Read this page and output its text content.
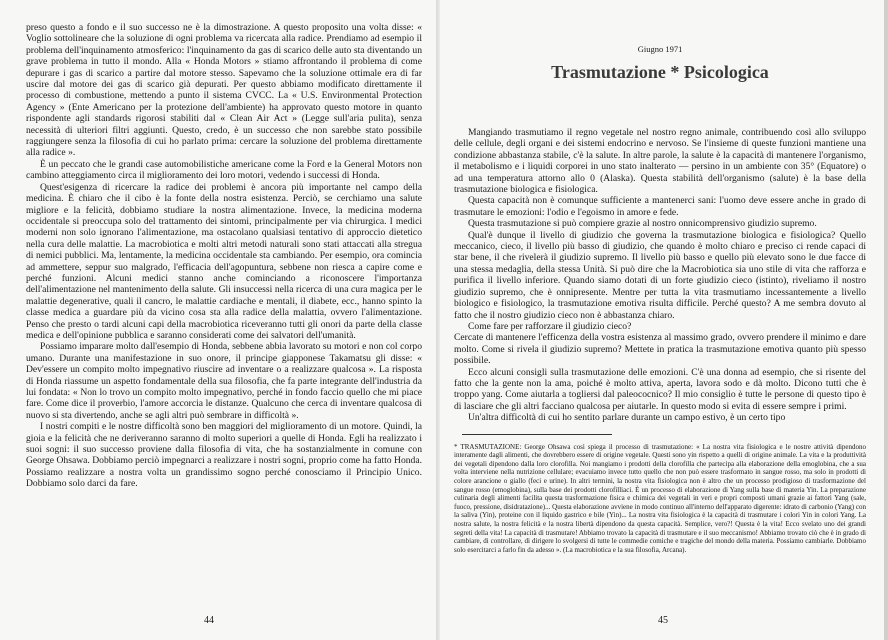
preso questo a fondo e il suo successo ne è la dimostrazione. A questo proposito una volta disse: « Voglio sottolineare che la soluzione di ogni problema va ricercata alla radice. Prendiamo ad esempio il problema dell'inquinamento atmosferico: l'inquinamento da gas di scarico delle auto sta diventando un grave problema in tutto il mondo. Alla « Honda Motors » stiamo affrontando il problema di come depurare i gas di scarico a partire dal motore stesso. Sapevamo che la soluzione ottimale era di far uscire dal motore dei gas di scarico già depurati. Per questo abbiamo modificato direttamente il processo di combustione, mettendo a punto il sistema CVCC. La « U.S. Environmental Protection Agency » (Ente Americano per la protezione dell'ambiente) ha approvato questo motore in quanto rispondente agli standards rigorosi stabiliti dal « Clean Air Act » (Legge sull'aria pulita), senza necessità di ulteriori filtri aggiunti. Questo, credo, è un successo che non sarebbe stato possibile raggiungere senza la filosofia di cui ho parlato prima: cercare la soluzione del problema direttamente alla radice ».

È un peccato che le grandi case automobilistiche americane come la Ford e la General Motors non cambino atteggiamento circa il miglioramento dei loro motori, vedendo i successi di Honda.

Quest'esigenza di ricercare la radice dei problemi è ancora più importante nel campo della medicina. È chiaro che il cibo è la fonte della nostra esistenza. Perciò, se cerchiamo una salute migliore e la felicità, dobbiamo studiare la nostra alimentazione. Invece, la medicina moderna occidentale si preoccupa solo del trattamento dei sintomi, principalmente per via chirurgica. I medici moderni non solo ignorano l'alimentazione, ma ostacolano qualsiasi tentativo di approccio dietetico nella cura delle malattie. La macrobiotica e molti altri metodi naturali sono stati attaccati alla stregua di nemici pubblici. Ma, lentamente, la medicina occidentale sta cambiando. Per esempio, ora comincia ad ammettere, seppur suo malgrado, l'efficacia dell'agopuntura, sebbene non riesca a capire come e perché funzioni. Alcuni medici stanno anche cominciando a riconoscere l'importanza dell'alimentazione nel mantenimento della salute. Gli insuccessi nella ricerca di una cura magica per le malattie degenerative, quali il cancro, le malattie cardiache e mentali, il diabete, ecc., hanno spinto la classe medica a guardare più da vicino cosa sta alla radice della malattia, ovvero l'alimentazione. Penso che presto o tardi alcuni capi della macrobiotica riceveranno tutti gli onori da parte della classe medica e dell'opinione pubblica e saranno considerati come dei salvatori dell'umanità.

Possiamo imparare molto dall'esempio di Honda, sebbene abbia lavorato su motori e non col corpo umano. Durante una manifestazione in suo onore, il principe giapponese Takamatsu gli disse: « Dev'essere un compito molto impegnativo riuscire ad inventare o a realizzare qualcosa ». La risposta di Honda riassume un aspetto fondamentale della sua filosofia, che fa parte integrante dell'industria da lui fondata: « Non lo trovo un compito molto impegnativo, perché in fondo faccio quello che mi piace fare. Come dice il proverbio, l'amore accorcia le distanze. Qualcuno che cerca di inventare qualcosa di nuovo si sta divertendo, anche se agli altri può sembrare in difficoltà ».

I nostri compiti e le nostre difficoltà sono ben maggiori del miglioramento di un motore. Quindi, la gioia e la felicità che ne deriveranno saranno di molto superiori a quelle di Honda. Egli ha realizzato i suoi sogni: il suo successo proviene dalla filosofia di vita, che ha sostanzialmente in comune con George Ohsawa. Dobbiamo perciò impegnarci a realizzare i nostri sogni, proprio come ha fatto Honda. Possiamo realizzare a nostra volta un grandissimo sogno perché conosciamo il Principio Unico. Dobbiamo solo darci da fare.

44
Giugno 1971
Trasmutazione * Psicologica

Mangiando trasmutiamo il regno vegetale nel nostro regno animale, contribuendo così allo sviluppo delle cellule, degli organi e dei sistemi endocrino e nervoso. Se l'insieme di queste funzioni mantiene una condizione abbastanza stabile, c'è la salute. In altre parole, la salute è la capacità di mantenere l'organismo, il metabolismo e i liquidi corporei in uno stato inalterato — persino in un ambiente con 35° (Equatore) o ad una temperatura attorno allo 0 (Alaska). Questa stabilità dell'organismo (salute) è la base della trasmutazione biologica e fisiologica.

Questa capacità non è comunque sufficiente a mantenerci sani: l'uomo deve essere anche in grado di trasmutare le emozioni: l'odio e l'egoismo in amore e fede.

Questa trasmutazione si può compiere grazie al nostro onnicomprensivo giudizio supremo.

Qual'è dunque il livello di giudizio che governa la trasmutazione biologica e fisiologica? Quello meccanico, cieco, il livello più basso di giudizio, che quando è molto chiaro e preciso ci rende capaci di star bene, il che rivelerà il giudizio supremo. Il livello più basso e quello più elevato sono le due facce di una stessa medaglia, della stessa Unità. Si può dire che la Macrobiotica sia uno stile di vita che rafforza e purifica il livello inferiore. Quando siamo dotati di un forte giudizio cieco (istinto), riveliamo il nostro giudizio supremo, che è onnipresente. Mentre per tutta la vita trasmutiamo incessantemente a livello biologico e fisiologico, la trasmutazione emotiva risulta difficile. Perché questo? A me sembra dovuto al fatto che il nostro giudizio cieco non è abbastanza chiaro.

Come fare per rafforzare il giudizio cieco?

Cercate di mantenere l'efficenza della vostra esistenza al massimo grado, ovvero prendere il minimo e dare molto. Come si rivela il giudizio supremo? Mettete in pratica la trasmutazione emotiva quanto più spesso possibile.

Ecco alcuni consigli sulla trasmutazione delle emozioni. C'è una donna ad esempio, che si risente del fatto che la gente non la ama, poiché è molto attiva, aperta, lavora sodo e dà molto. Dicono tutti che è troppo yang. Come aiutarla a togliersi dal paleococnico? Il mio consiglio è tutte le persone di questo tipo è di lasciare che gli altri facciano qualcosa per aiutarle. In questo modo si evita di essere sempre i primi.

Un'altra difficoltà di cui ho sentito parlare durante un campo estivo, è un certo tipo

* TRASMUTAZIONE: George Ohsawa così spiega il processo di trasmutazione: « La nostra vita fisiologica e le nostre attività dipendono interamente dagli alimenti, che dovrebbero essere di origine vegetale. Questi sono yin rispetto a quelli di origine animale. La vita e la produttività dei vegetali dipendono dalla loro clorofilla. Noi mangiamo i prodotti della clorofilla che partecipa alla elaborazione della emoglobina, che a sua volta interviene nella nutrizione cellulare; evacuiamo invece tutto quello che non può essere trasformato in sangue rosso, ma solo in prodotti di colore arancione o giallo (feci e urine). In altri termini, la nostra vita fisiologica non è altro che un processo prodigioso di trasformazione del sangue rosso (emoglobina), sulla base dei prodotti clorofilliaci. È un processo di elaborazione di Yang sulla base di materia Yin. La preparazione culinaria degli alimenti facilita questa trasformazione fisica e chimica dei vegetali in veri e propri composti umani grazie ai fattori Yang (sale, fuoco, pressione, disidratazione)... Questa elaborazione avviene in modo continuo all'interno dell'apparato digerente: idrato di carbonio (Yang) con la saliva (Yin), proteine con il liquido gastrico e bile (Yin)... La nostra vita fisiologica è la capacità di trasmutare i colori Yin in colori Yang. La nostra salute, la nostra felicità e la nostra libertà dipendono da questa capacità. Semplice, vero?! Questa è la vita! Ecco svelato uno dei grandi segreti della vita! La capacità di trasmutare! Abbiamo trovato la capacità di trasmutare e il suo meccanismo! Abbiamo trovato ciò che è in grado di cambiare, di controllare, di dirigere lo svolgersi di tutte le commedie comiche e tragiche del mondo della materia. Possiamo cambiarle. Dobbiamo solo esercitarci a farlo fin da adesso ». (La macrobiotica e la sua filosofia, Arcana).

45
